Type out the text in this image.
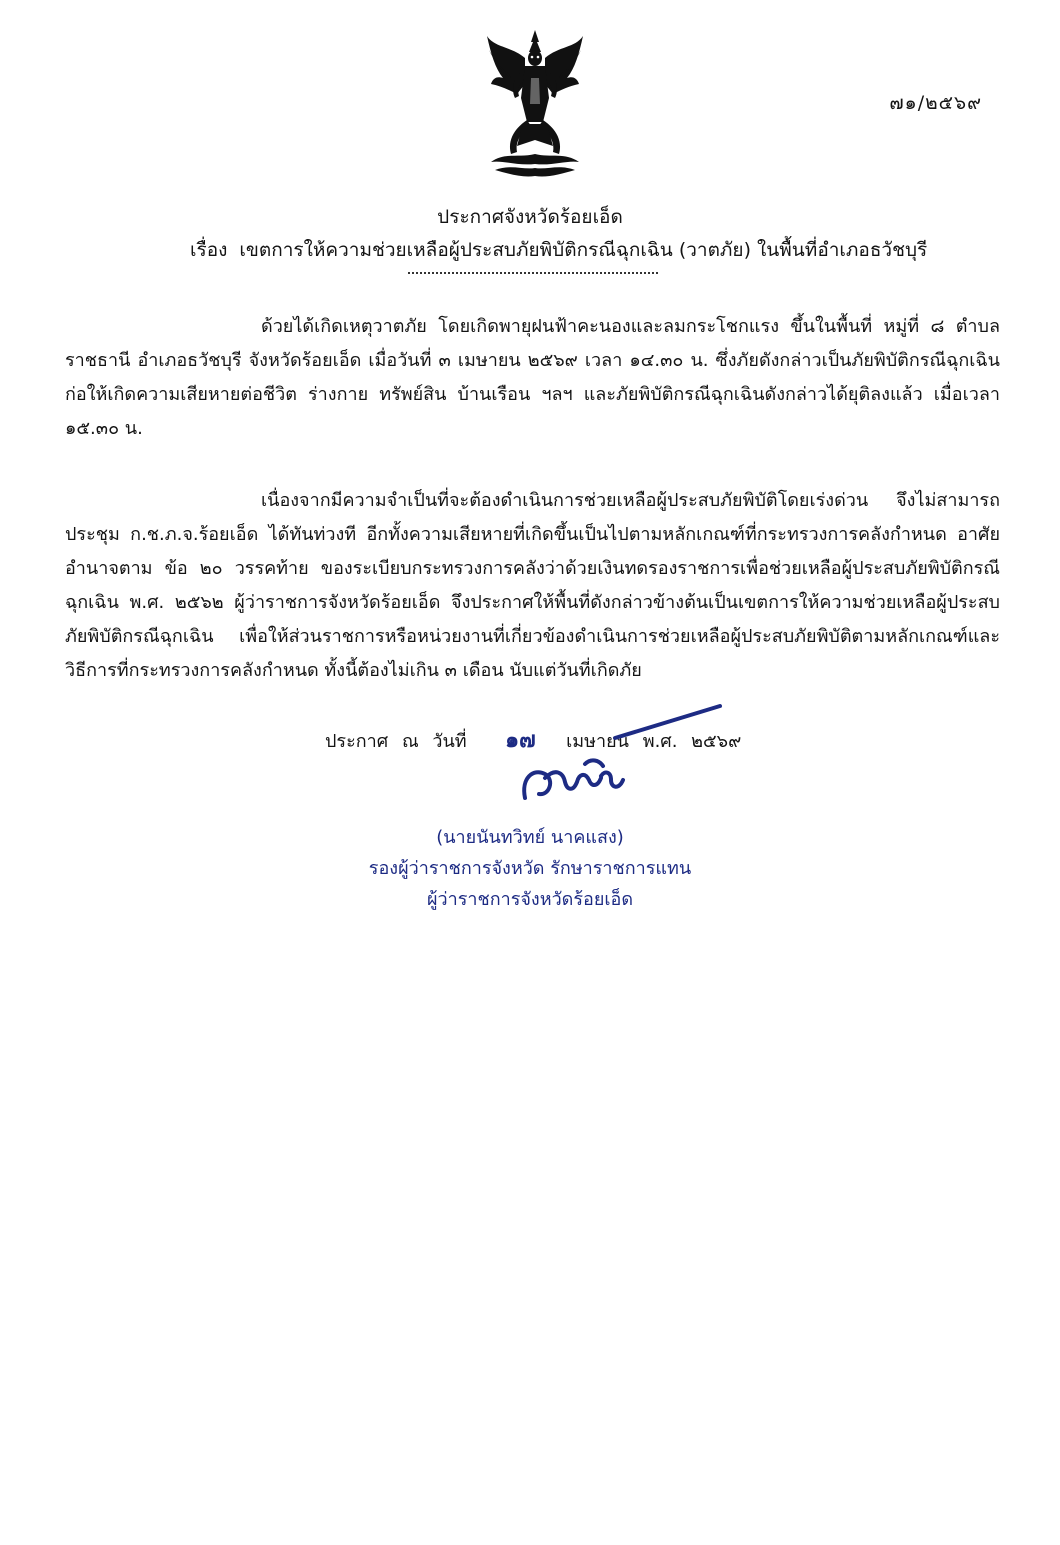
๗๑/๒๕๖๙
ประกาศจังหวัดร้อยเอ็ด
เรื่อง เขตการให้ความช่วยเหลือผู้ประสบภัยพิบัติกรณีฉุกเฉิน (วาตภัย) ในพื้นที่อำเภอธวัชบุรี

ด้วยได้เกิดเหตุวาตภัย โดยเกิดพายุฝนฟ้าคะนองและลมกระโชกแรง ขึ้นในพื้นที่ หมู่ที่ ๘ ตำบลราชธานี อำเภอธวัชบุรี จังหวัดร้อยเอ็ด เมื่อวันที่ ๓ เมษายน ๒๕๖๙ เวลา ๑๔.๓๐ น. ซึ่งภัยดังกล่าวเป็นภัยพิบัติกรณีฉุกเฉินก่อให้เกิดความเสียหายต่อชีวิต ร่างกาย ทรัพย์สิน บ้านเรือน ฯลฯ และภัยพิบัติกรณีฉุกเฉินดังกล่าวได้ยุติลงแล้ว เมื่อเวลา ๑๕.๓๐ น.

เนื่องจากมีความจำเป็นที่จะต้องดำเนินการช่วยเหลือผู้ประสบภัยพิบัติโดยเร่งด่วน จึงไม่สามารถประชุม ก.ช.ภ.จ.ร้อยเอ็ด ได้ทันท่วงที อีกทั้งความเสียหายที่เกิดขึ้นเป็นไปตามหลักเกณฑ์ที่กระทรวงการคลังกำหนด อาศัยอำนาจตาม ข้อ ๒๐ วรรคท้าย ของระเบียบกระทรวงการคลังว่าด้วยเงินทดรองราชการเพื่อช่วยเหลือผู้ประสบภัยพิบัติกรณีฉุกเฉิน พ.ศ. ๒๕๖๒ ผู้ว่าราชการจังหวัดร้อยเอ็ด จึงประกาศให้พื้นที่ดังกล่าวข้างต้นเป็นเขตการให้ความช่วยเหลือผู้ประสบภัยพิบัติกรณีฉุกเฉิน เพื่อให้ส่วนราชการหรือหน่วยงานที่เกี่ยวข้องดำเนินการช่วยเหลือผู้ประสบภัยพิบัติตามหลักเกณฑ์และวิธีการที่กระทรวงการคลังกำหนด ทั้งนี้ต้องไม่เกิน ๓ เดือน นับแต่วันที่เกิดภัย

ประกาศ ณ วันที่ ๑๗ เมษายน พ.ศ. ๒๕๖๙
(นายนันทวิทย์ นาคแสง)
รองผู้ว่าราชการจังหวัด รักษาราชการแทน
ผู้ว่าราชการจังหวัดร้อยเอ็ด
